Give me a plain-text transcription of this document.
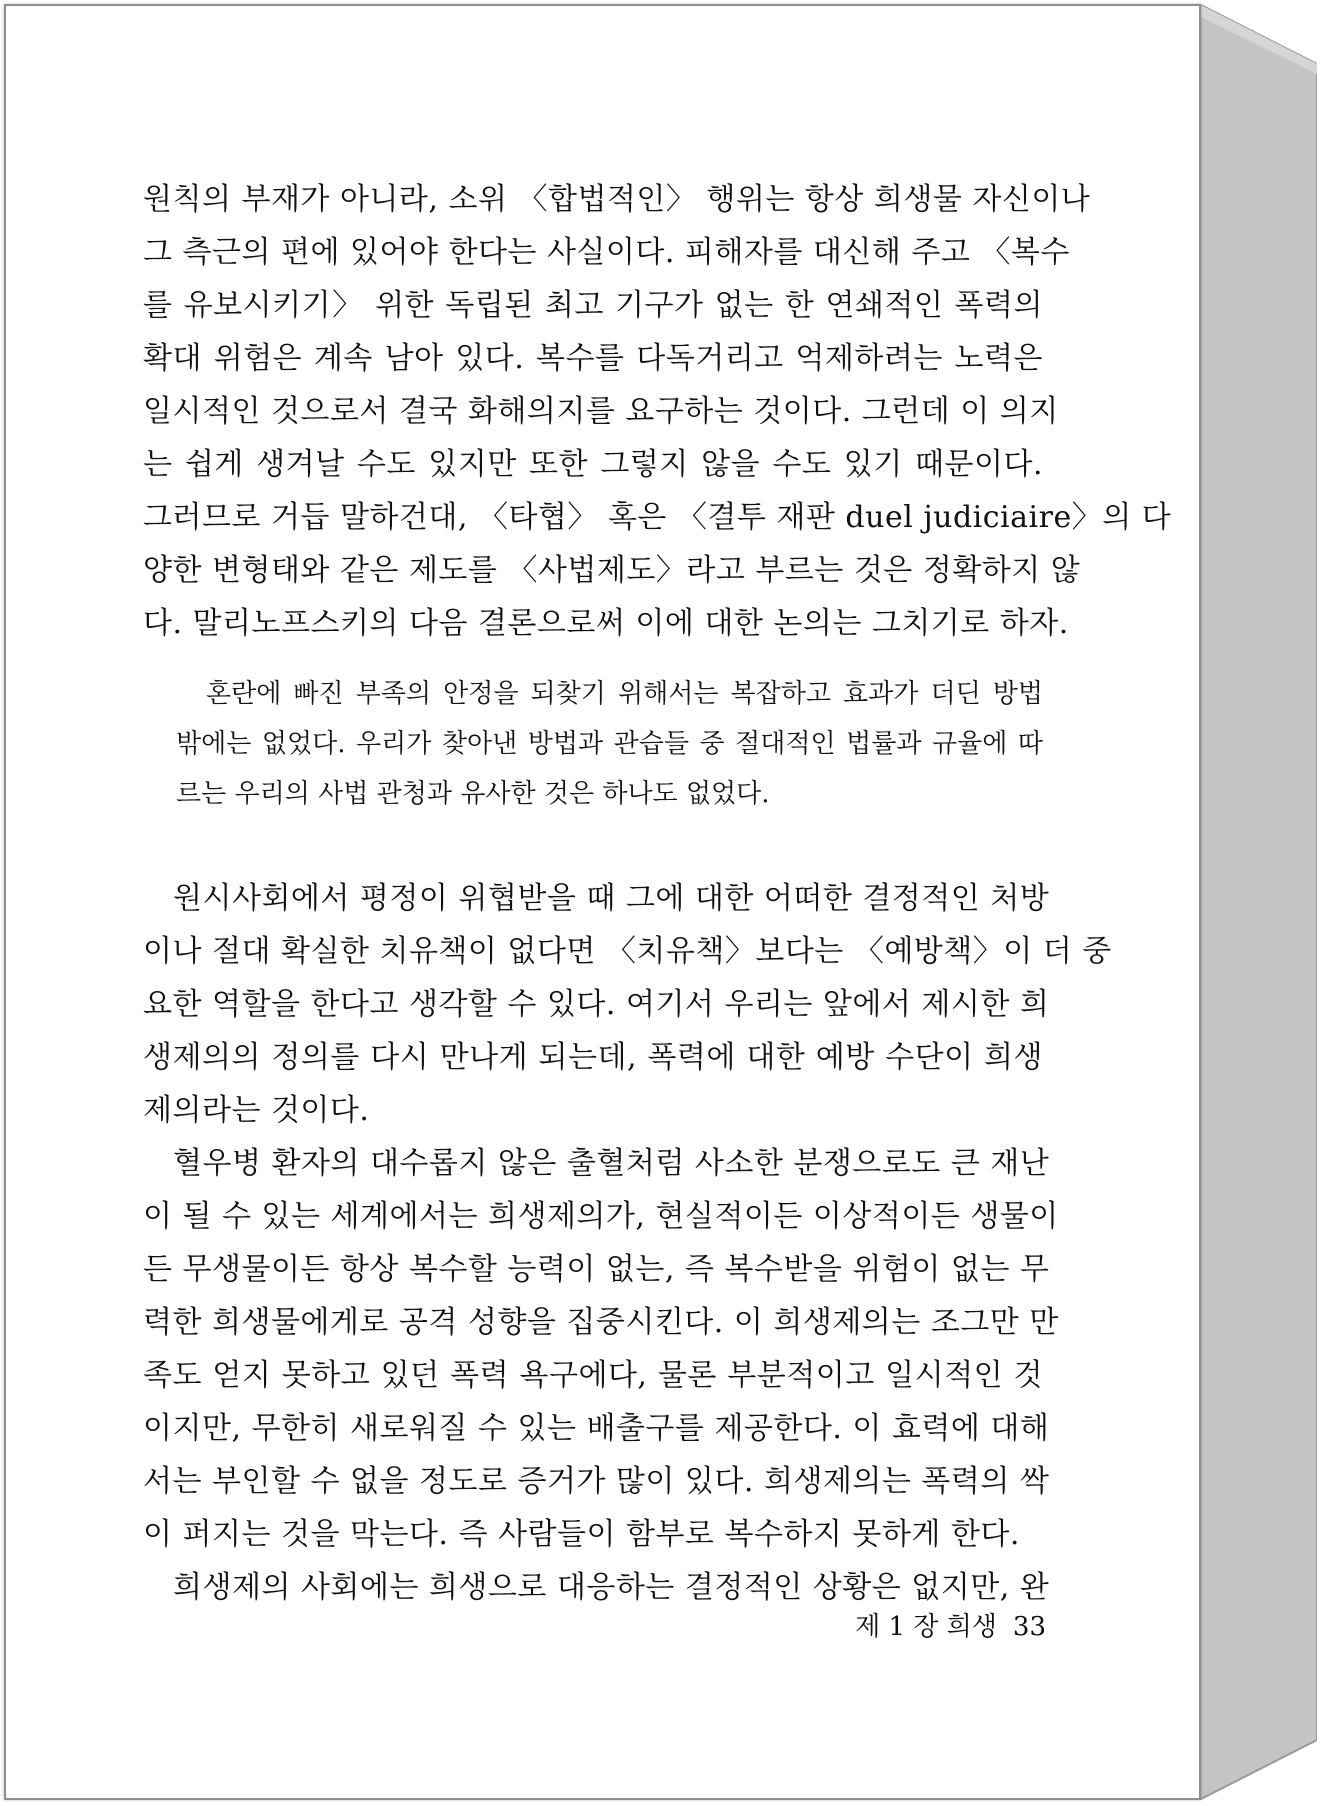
원칙의 부재가 아니라, 소위 〈합법적인〉 행위는 항상 희생물 자신이나
그 측근의 편에 있어야 한다는 사실이다. 피해자를 대신해 주고 〈복수
를 유보시키기〉 위한 독립된 최고 기구가 없는 한 연쇄적인 폭력의
확대 위험은 계속 남아 있다. 복수를 다독거리고 억제하려는 노력은
일시적인 것으로서 결국 화해의지를 요구하는 것이다. 그런데 이 의지
는 쉽게 생겨날 수도 있지만 또한 그렇지 않을 수도 있기 때문이다.
그러므로 거듭 말하건대, 〈타협〉 혹은 〈결투 재판 duel judiciaire〉의 다
양한 변형태와 같은 제도를 〈사법제도〉라고 부르는 것은 정확하지 않
다. 말리노프스키의 다음 결론으로써 이에 대한 논의는 그치기로 하자.
혼란에 빠진 부족의 안정을 되찾기 위해서는 복잡하고 효과가 더딘 방법
밖에는 없었다. 우리가 찾아낸 방법과 관습들 중 절대적인 법률과 규율에 따
르는 우리의 사법 관청과 유사한 것은 하나도 없었다.
원시사회에서 평정이 위협받을 때 그에 대한 어떠한 결정적인 처방
이나 절대 확실한 치유책이 없다면 〈치유책〉보다는 〈예방책〉이 더 중
요한 역할을 한다고 생각할 수 있다. 여기서 우리는 앞에서 제시한 희
생제의의 정의를 다시 만나게 되는데, 폭력에 대한 예방 수단이 희생
제의라는 것이다.
혈우병 환자의 대수롭지 않은 출혈처럼 사소한 분쟁으로도 큰 재난
이 될 수 있는 세계에서는 희생제의가, 현실적이든 이상적이든 생물이
든 무생물이든 항상 복수할 능력이 없는, 즉 복수받을 위험이 없는 무
력한 희생물에게로 공격 성향을 집중시킨다. 이 희생제의는 조그만 만
족도 얻지 못하고 있던 폭력 욕구에다, 물론 부분적이고 일시적인 것
이지만, 무한히 새로워질 수 있는 배출구를 제공한다. 이 효력에 대해
서는 부인할 수 없을 정도로 증거가 많이 있다. 희생제의는 폭력의 싹
이 퍼지는 것을 막는다. 즉 사람들이 함부로 복수하지 못하게 한다.
희생제의 사회에는 희생으로 대응하는 결정적인 상황은 없지만, 완
제 1 장 희생 33
